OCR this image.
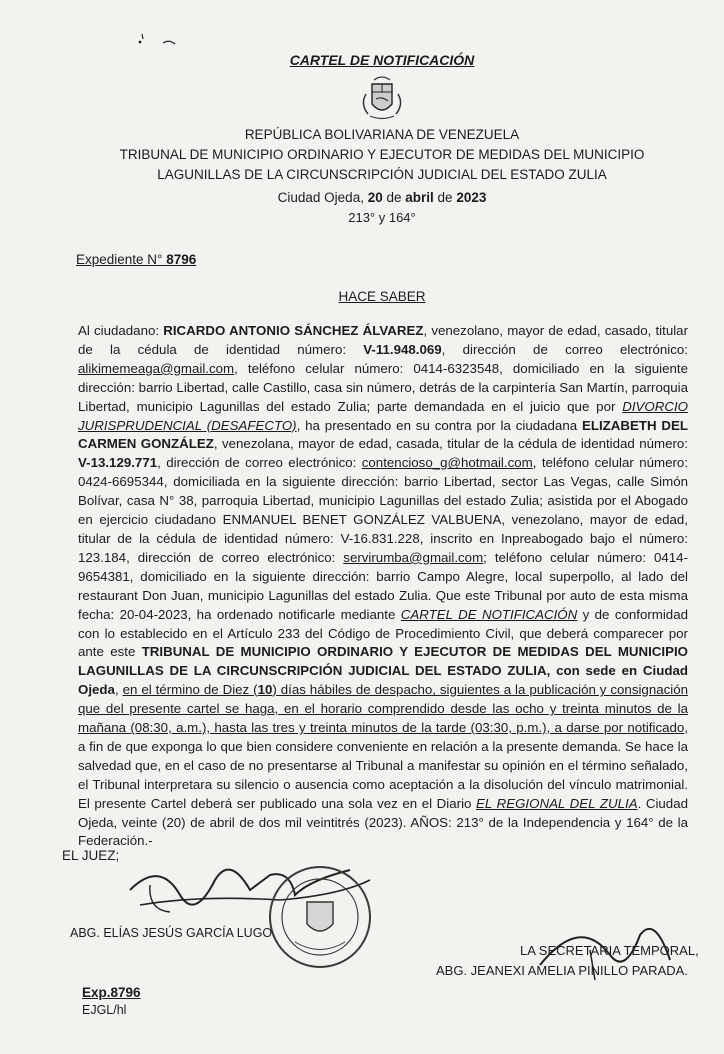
CARTEL DE NOTIFICACIÓN
REPÚBLICA BOLIVARIANA DE VENEZUELA
TRIBUNAL DE MUNICIPIO ORDINARIO Y EJECUTOR DE MEDIDAS DEL MUNICIPIO
LAGUNILLAS DE LA CIRCUNSCRIPCIÓN JUDICIAL DEL ESTADO ZULIA
Ciudad Ojeda, 20 de abril de 2023
213° y 164°
Expediente N° 8796
HACE SABER
Al ciudadano: RICARDO ANTONIO SÁNCHEZ ÁLVAREZ, venezolano, mayor de edad, casado, titular de la cédula de identidad número: V-11.948.069, dirección de correo electrónico: alikimemeaga@gmail.com, teléfono celular número: 0414-6323548, domiciliado en la siguiente dirección: barrio Libertad, calle Castillo, casa sin número, detrás de la carpintería San Martín, parroquia Libertad, municipio Lagunillas del estado Zulia; parte demandada en el juicio que por DIVORCIO JURISPRUDENCIAL (DESAFECTO), ha presentado en su contra por la ciudadana ELIZABETH DEL CARMEN GONZÁLEZ, venezolana, mayor de edad, casada, titular de la cédula de identidad número: V-13.129.771, dirección de correo electrónico: contencioso_g@hotmail.com, teléfono celular número: 0424-6695344, domiciliada en la siguiente dirección: barrio Libertad, sector Las Vegas, calle Simón Bolívar, casa N° 38, parroquia Libertad, municipio Lagunillas del estado Zulia; asistida por el Abogado en ejercicio ciudadano ENMANUEL BENET GONZÁLEZ VALBUENA, venezolano, mayor de edad, titular de la cédula de identidad número: V-16.831.228, inscrito en Inpreabogado bajo el número: 123.184, dirección de correo electrónico: servirumba@gmail.com; teléfono celular número: 0414-9654381, domiciliado en la siguiente dirección: barrio Campo Alegre, local superpollo, al lado del restaurant Don Juan, municipio Lagunillas del estado Zulia. Que este Tribunal por auto de esta misma fecha: 20-04-2023, ha ordenado notificarle mediante CARTEL DE NOTIFICACIÓN y de conformidad con lo establecido en el Artículo 233 del Código de Procedimiento Civil, que deberá comparecer por ante este TRIBUNAL DE MUNICIPIO ORDINARIO Y EJECUTOR DE MEDIDAS DEL MUNICIPIO LAGUNILLAS DE LA CIRCUNSCRIPCIÓN JUDICIAL DEL ESTADO ZULIA, con sede en Ciudad Ojeda, en el término de Diez (10) días hábiles de despacho, siguientes a la publicación y consignación que del presente cartel se haga, en el horario comprendido desde las ocho y treinta minutos de la mañana (08:30, a.m.), hasta las tres y treinta minutos de la tarde (03:30, p.m.), a darse por notificado, a fin de que exponga lo que bien considere conveniente en relación a la presente demanda. Se hace la salvedad que, en el caso de no presentarse al Tribunal a manifestar su opinión en el término señalado, el Tribunal interpretara su silencio o ausencia como aceptación a la disolución del vínculo matrimonial. El presente Cartel deberá ser publicado una sola vez en el Diario EL REGIONAL DEL ZULIA. Ciudad Ojeda, veinte (20) de abril de dos mil veintitrés (2023). AÑOS: 213° de la Independencia y 164° de la Federación.-
EL JUEZ;
ABG. ELÍAS JESÚS GARCÍA LUGO.
LA SECRETARIA TEMPORAL,
ABG. JEANEXI AMELIA PINILLO PARADA.
Exp.8796
EJGL/hl
